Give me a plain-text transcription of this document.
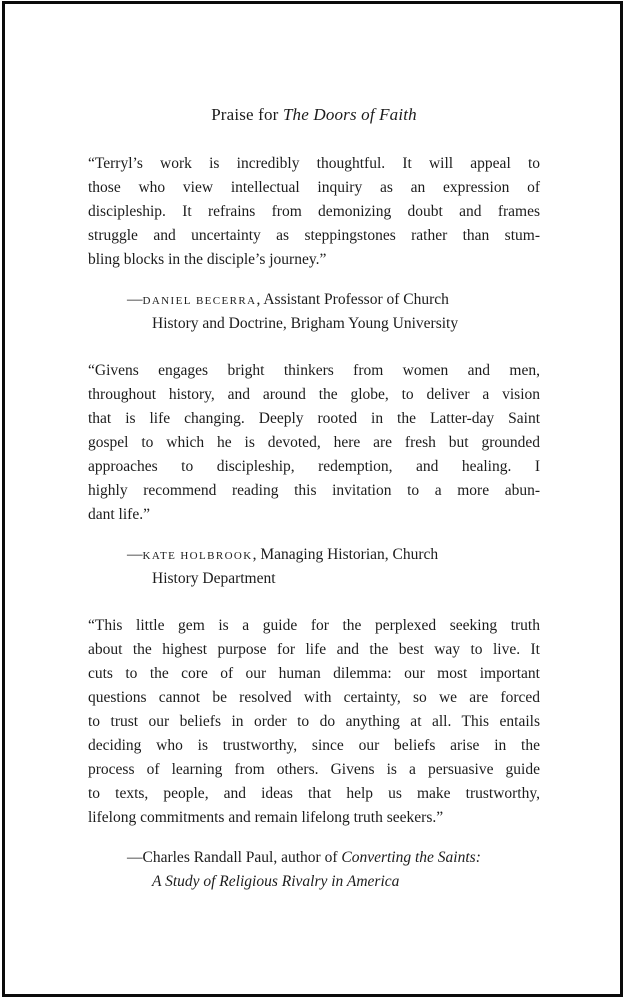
Praise for The Doors of Faith
“Terryl’s work is incredibly thoughtful. It will appeal to
those who view intellectual inquiry as an expression of
discipleship. It refrains from demonizing doubt and frames
struggle and uncertainty as steppingstones rather than stum-
bling blocks in the disciple’s journey.”
—Daniel Becerra, Assistant Professor of Church
History and Doctrine, Brigham Young University
“Givens engages bright thinkers from women and men,
throughout history, and around the globe, to deliver a vision
that is life changing. Deeply rooted in the Latter-day Saint
gospel to which he is devoted, here are fresh but grounded
approaches to discipleship, redemption, and healing. I
highly recommend reading this invitation to a more abun-
dant life.”
—Kate Holbrook, Managing Historian, Church
History Department
“This little gem is a guide for the perplexed seeking truth
about the highest purpose for life and the best way to live. It
cuts to the core of our human dilemma: our most important
questions cannot be resolved with certainty, so we are forced
to trust our beliefs in order to do anything at all. This entails
deciding who is trustworthy, since our beliefs arise in the
process of learning from others. Givens is a persuasive guide
to texts, people, and ideas that help us make trustworthy,
lifelong commitments and remain lifelong truth seekers.”
—Charles Randall Paul, author of Converting the Saints:
A Study of Religious Rivalry in America
